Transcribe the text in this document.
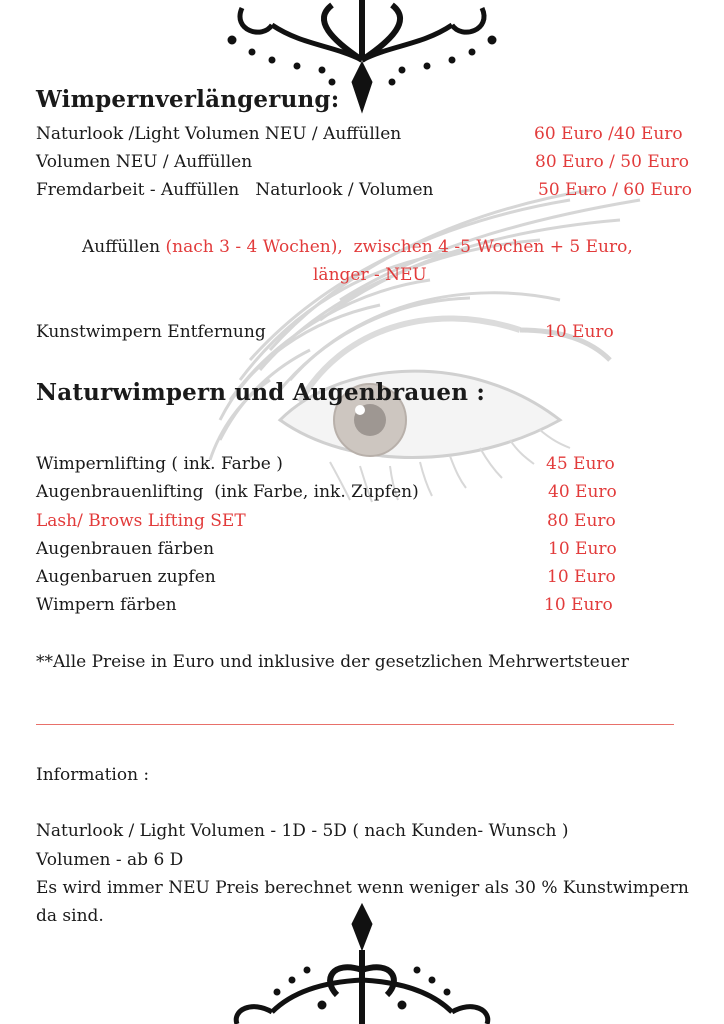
Wimpernverlängerung:
Naturlook /Light Volumen NEU / Auffüllen	60 Euro /40 Euro
Volumen NEU / Auffüllen	80 Euro / 50 Euro
Fremdarbeit - Auffüllen   Naturlook / Volumen	50 Euro / 60 Euro
Auffüllen (nach 3 - 4 Wochen),  zwischen 4 -5 Wochen + 5 Euro,
länger - NEU
Kunstwimpern Entfernung	10 Euro
Naturwimpern und Augenbrauen :
Wimpernlifting ( ink. Farbe )	45 Euro
Augenbrauenlifting  (ink Farbe, ink. Zupfen)	40 Euro
Lash/ Brows Lifting SET	80 Euro
Augenbrauen färben	10 Euro
Augenbaruen zupfen	10 Euro
Wimpern färben	10 Euro
**Alle Preise in Euro und inklusive der gesetzlichen Mehrwertsteuer
Information :
Naturlook / Light Volumen - 1D - 5D ( nach Kunden- Wunsch )
Volumen - ab 6 D
Es wird immer NEU Preis berechnet wenn weniger als 30 % Kunstwimpern
da sind.
